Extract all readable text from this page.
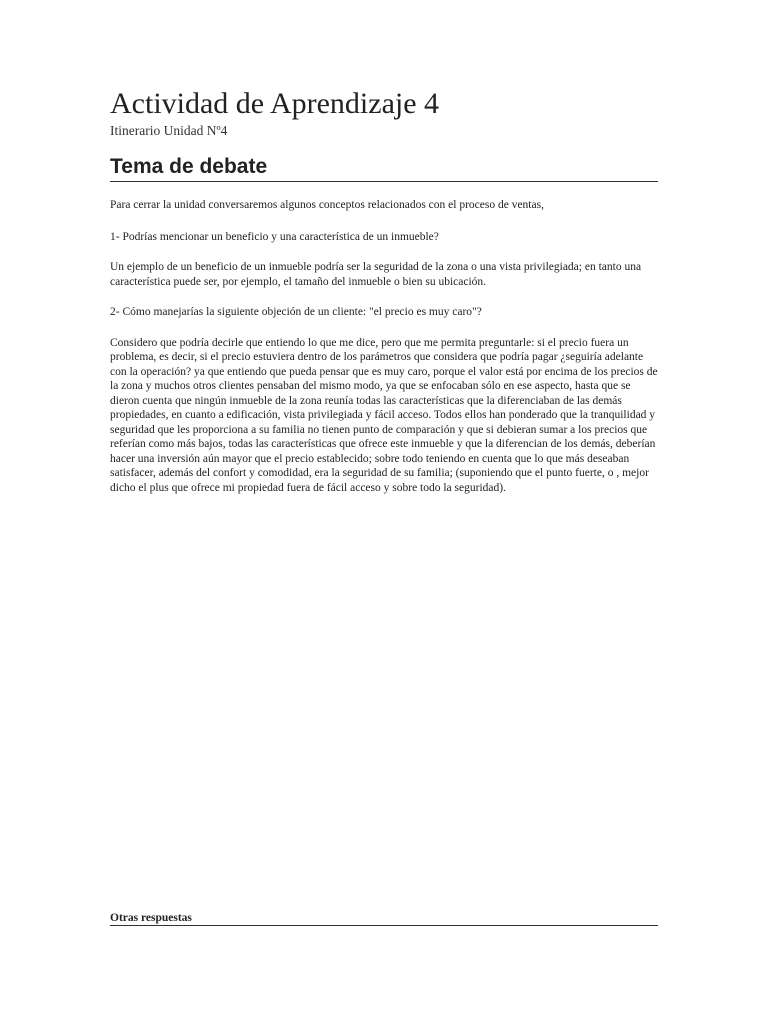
Actividad de Aprendizaje 4
Itinerario Unidad Nº4
Tema de debate

Para cerrar la unidad conversaremos algunos conceptos relacionados con el proceso de ventas,

1- Podrías mencionar un beneficio y una característica de un inmueble?

Un ejemplo de un beneficio de un inmueble podría ser la seguridad de la zona o una vista privilegiada; en tanto una característica puede ser, por ejemplo, el tamaño del inmueble o bien su ubicación.

2- Cómo manejarías la siguiente objeción de un cliente: "el precio es muy caro"?

Considero que podría decirle que entiendo lo que me dice, pero que me permita preguntarle: si el precio fuera un problema, es decir, si el precio estuviera dentro de los parámetros que considera que podría pagar ¿seguiría adelante con la operación? ya que entiendo que pueda pensar que es muy caro, porque el valor está por encima de los precios de la zona y muchos otros clientes pensaban del mismo modo, ya que se enfocaban sólo en ese aspecto, hasta que se dieron cuenta que ningún inmueble de la zona reunía todas las características que la diferenciaban de las demás propiedades, en cuanto a edificación, vista privilegiada y fácil acceso. Todos ellos han ponderado que la tranquilidad y seguridad que les proporciona a su familia no tienen punto de comparación y que si debieran sumar a los precios que referían como más bajos, todas las características que ofrece este inmueble y que la diferencian de los demás, deberían hacer una inversión aún mayor que el precio establecido; sobre todo teniendo en cuenta que lo que más deseaban satisfacer, además del confort y comodidad, era la seguridad de su familia; (suponiendo que el punto fuerte, o , mejor dicho el plus que ofrece mi propiedad fuera de fácil acceso y sobre todo la seguridad).

Otras respuestas
